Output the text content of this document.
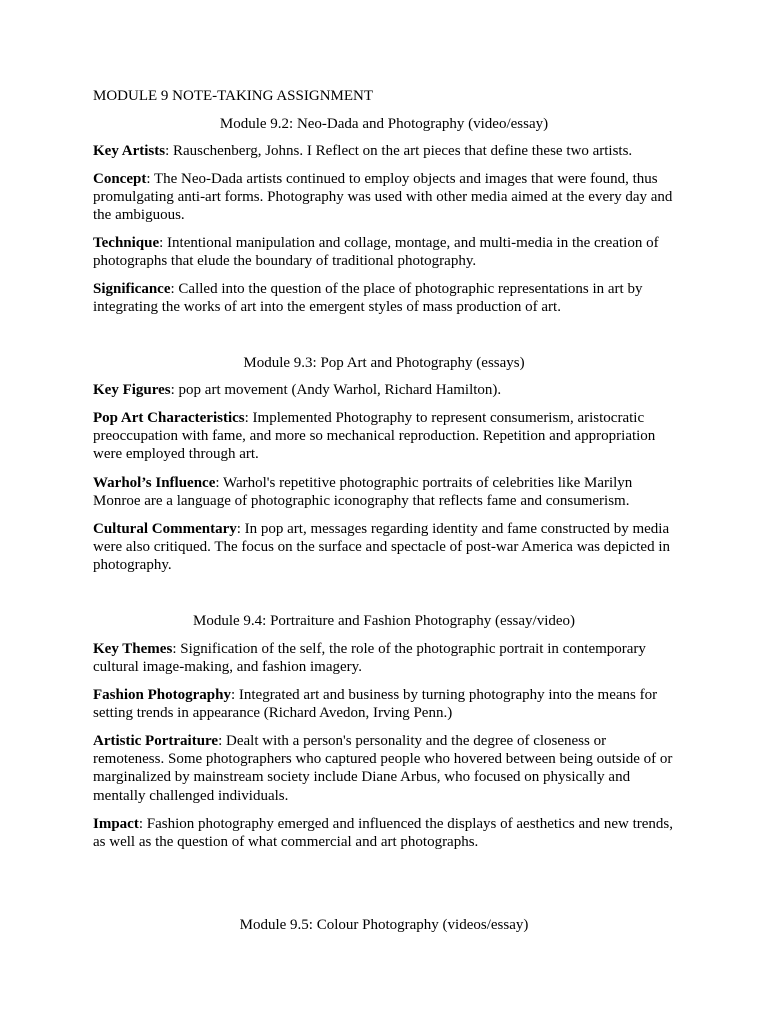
MODULE 9 NOTE-TAKING ASSIGNMENT
Module 9.2: Neo-Dada and Photography (video/essay)

Key Artists: Rauschenberg, Johns. I Reflect on the art pieces that define these two artists.

Concept: The Neo-Dada artists continued to employ objects and images that were found, thus promulgating anti-art forms. Photography was used with other media aimed at the every day and the ambiguous.

Technique: Intentional manipulation and collage, montage, and multi-media in the creation of photographs that elude the boundary of traditional photography.

Significance: Called into the question of the place of photographic representations in art by integrating the works of art into the emergent styles of mass production of art.

Module 9.3: Pop Art and Photography (essays)

Key Figures: pop art movement (Andy Warhol, Richard Hamilton).

Pop Art Characteristics: Implemented Photography to represent consumerism, aristocratic preoccupation with fame, and more so mechanical reproduction. Repetition and appropriation were employed through art.

Warhol’s Influence: Warhol's repetitive photographic portraits of celebrities like Marilyn Monroe are a language of photographic iconography that reflects fame and consumerism.

Cultural Commentary: In pop art, messages regarding identity and fame constructed by media were also critiqued. The focus on the surface and spectacle of post-war America was depicted in photography.

Module 9.4: Portraiture and Fashion Photography (essay/video)

Key Themes: Signification of the self, the role of the photographic portrait in contemporary cultural image-making, and fashion imagery.

Fashion Photography: Integrated art and business by turning photography into the means for setting trends in appearance (Richard Avedon, Irving Penn.)

Artistic Portraiture: Dealt with a person's personality and the degree of closeness or remoteness. Some photographers who captured people who hovered between being outside of or marginalized by mainstream society include Diane Arbus, who focused on physically and mentally challenged individuals.

Impact: Fashion photography emerged and influenced the displays of aesthetics and new trends, as well as the question of what commercial and art photographs.

Module 9.5: Colour Photography (videos/essay)
